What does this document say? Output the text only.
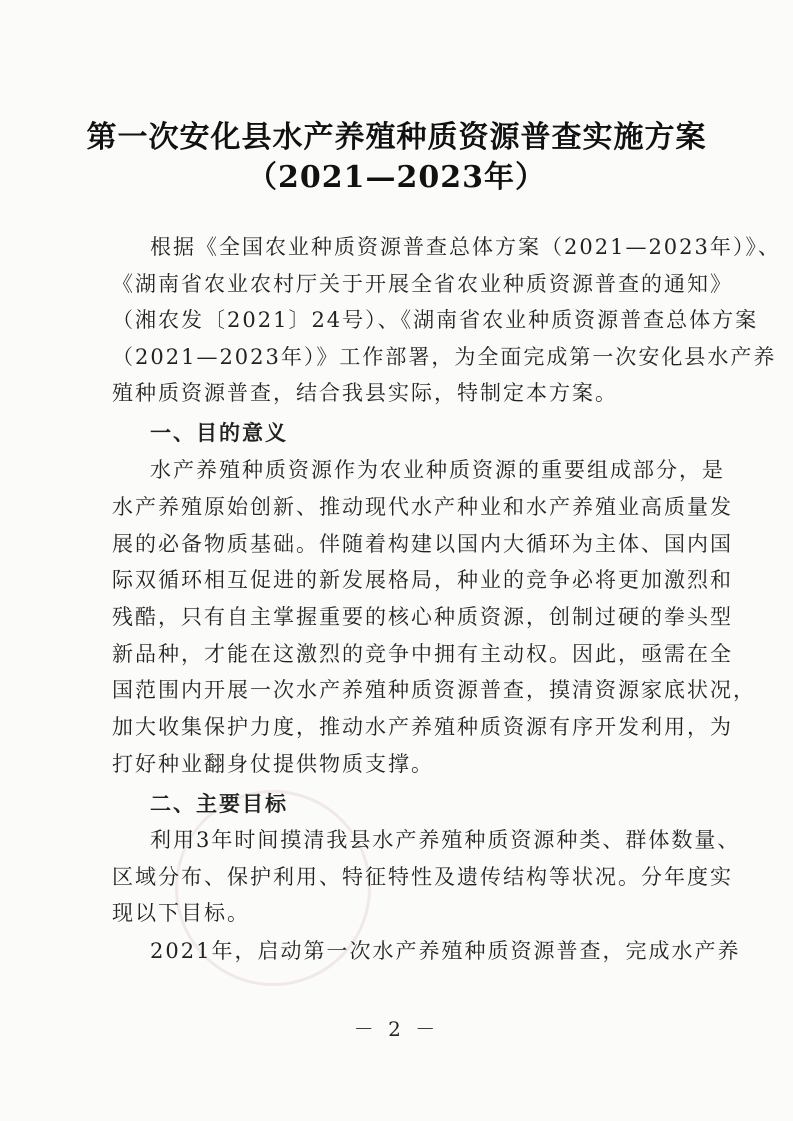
第一次安化县水产养殖种质资源普查实施方案
（2021—2023年）
根据《全国农业种质资源普查总体方案（2021—2023年）》、
《湖南省农业农村厅关于开展全省农业种质资源普查的通知》
（湘农发〔2021〕24号）、《湖南省农业种质资源普查总体方案
（2021—2023年）》工作部署，为全面完成第一次安化县水产养
殖种质资源普查，结合我县实际，特制定本方案。
一、目的意义
水产养殖种质资源作为农业种质资源的重要组成部分，是
水产养殖原始创新、推动现代水产种业和水产养殖业高质量发
展的必备物质基础。伴随着构建以国内大循环为主体、国内国
际双循环相互促进的新发展格局，种业的竞争必将更加激烈和
残酷，只有自主掌握重要的核心种质资源，创制过硬的拳头型
新品种，才能在这激烈的竞争中拥有主动权。因此，亟需在全
国范围内开展一次水产养殖种质资源普查，摸清资源家底状况，
加大收集保护力度，推动水产养殖种质资源有序开发利用，为
打好种业翻身仗提供物质支撑。
二、主要目标
利用3年时间摸清我县水产养殖种质资源种类、群体数量、
区域分布、保护利用、特征特性及遗传结构等状况。分年度实
现以下目标。
2021年，启动第一次水产养殖种质资源普查，完成水产养
－ 2 －
